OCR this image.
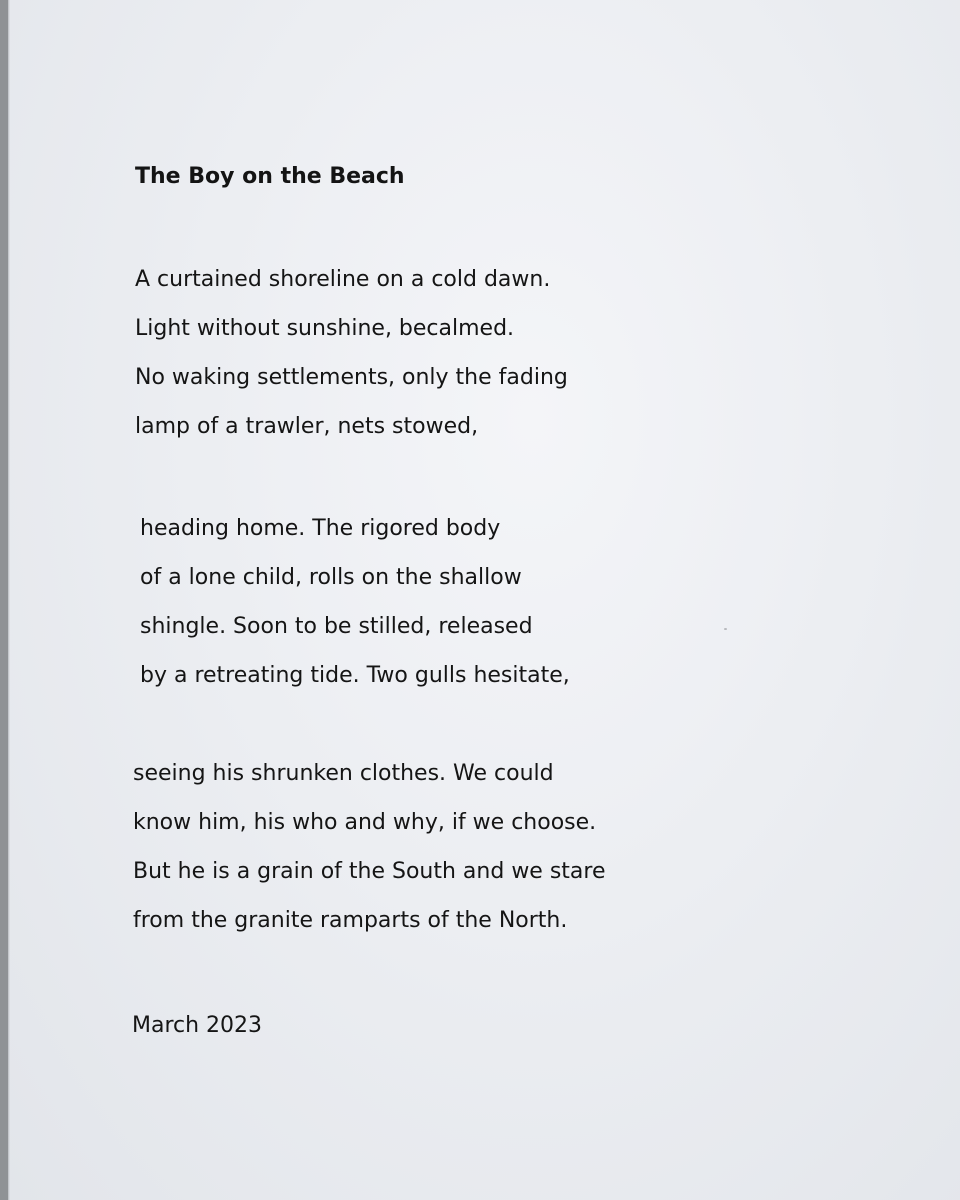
The Boy on the Beach
A curtained shoreline on a cold dawn.
Light without sunshine, becalmed.
No waking settlements, only the fading
lamp of a trawler, nets stowed,
heading home. The rigored body
of a lone child, rolls on the shallow
shingle. Soon to be stilled, released
by a retreating tide. Two gulls hesitate,
seeing his shrunken clothes. We could
know him, his who and why, if we choose.
But he is a grain of the South and we stare
from the granite ramparts of the North.
March 2023
